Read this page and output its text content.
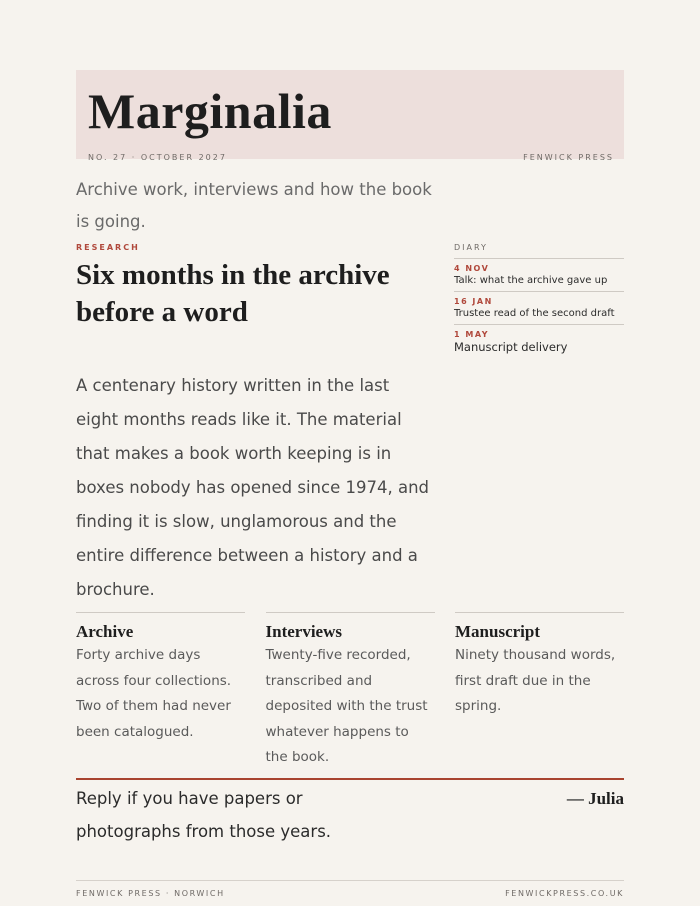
Marginalia
NO. 27 · OCTOBER 2027	FENWICK PRESS
Archive work, interviews and how the book is going.
RESEARCH
Six months in the archive before a word
A centenary history written in the last eight months reads like it. The material that makes a book worth keeping is in boxes nobody has opened since 1974, and finding it is slow, unglamorous and the entire difference between a history and a brochure.
DIARY
4 NOV
Talk: what the archive gave up
16 JAN
Trustee read of the second draft
1 MAY
Manuscript delivery
Archive
Forty archive days across four collections. Two of them had never been catalogued.
Interviews
Twenty-five recorded, transcribed and deposited with the trust whatever happens to the book.
Manuscript
Ninety thousand words, first draft due in the spring.
Reply if you have papers or photographs from those years.
— Julia
FENWICK PRESS · NORWICH	FENWICKPRESS.CO.UK
